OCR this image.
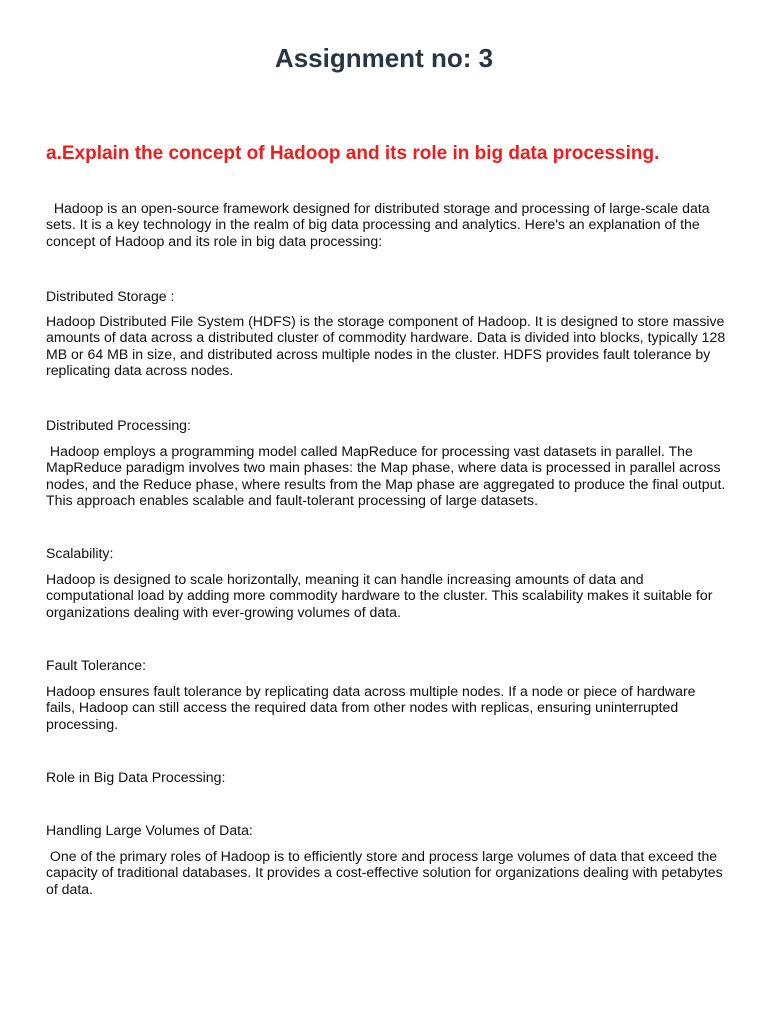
Assignment no: 3
a.Explain the concept of Hadoop and its role in big data processing.

Hadoop is an open-source framework designed for distributed storage and processing of large-scale data sets. It is a key technology in the realm of big data processing and analytics. Here's an explanation of the concept of Hadoop and its role in big data processing:

Distributed Storage :

Hadoop Distributed File System (HDFS) is the storage component of Hadoop. It is designed to store massive amounts of data across a distributed cluster of commodity hardware. Data is divided into blocks, typically 128 MB or 64 MB in size, and distributed across multiple nodes in the cluster. HDFS provides fault tolerance by replicating data across nodes.

Distributed Processing:

Hadoop employs a programming model called MapReduce for processing vast datasets in parallel. The MapReduce paradigm involves two main phases: the Map phase, where data is processed in parallel across nodes, and the Reduce phase, where results from the Map phase are aggregated to produce the final output. This approach enables scalable and fault-tolerant processing of large datasets.

Scalability:

Hadoop is designed to scale horizontally, meaning it can handle increasing amounts of data and computational load by adding more commodity hardware to the cluster. This scalability makes it suitable for organizations dealing with ever-growing volumes of data.

Fault Tolerance:

Hadoop ensures fault tolerance by replicating data across multiple nodes. If a node or piece of hardware fails, Hadoop can still access the required data from other nodes with replicas, ensuring uninterrupted processing.

Role in Big Data Processing:

Handling Large Volumes of Data:

One of the primary roles of Hadoop is to efficiently store and process large volumes of data that exceed the capacity of traditional databases. It provides a cost-effective solution for organizations dealing with petabytes of data.
